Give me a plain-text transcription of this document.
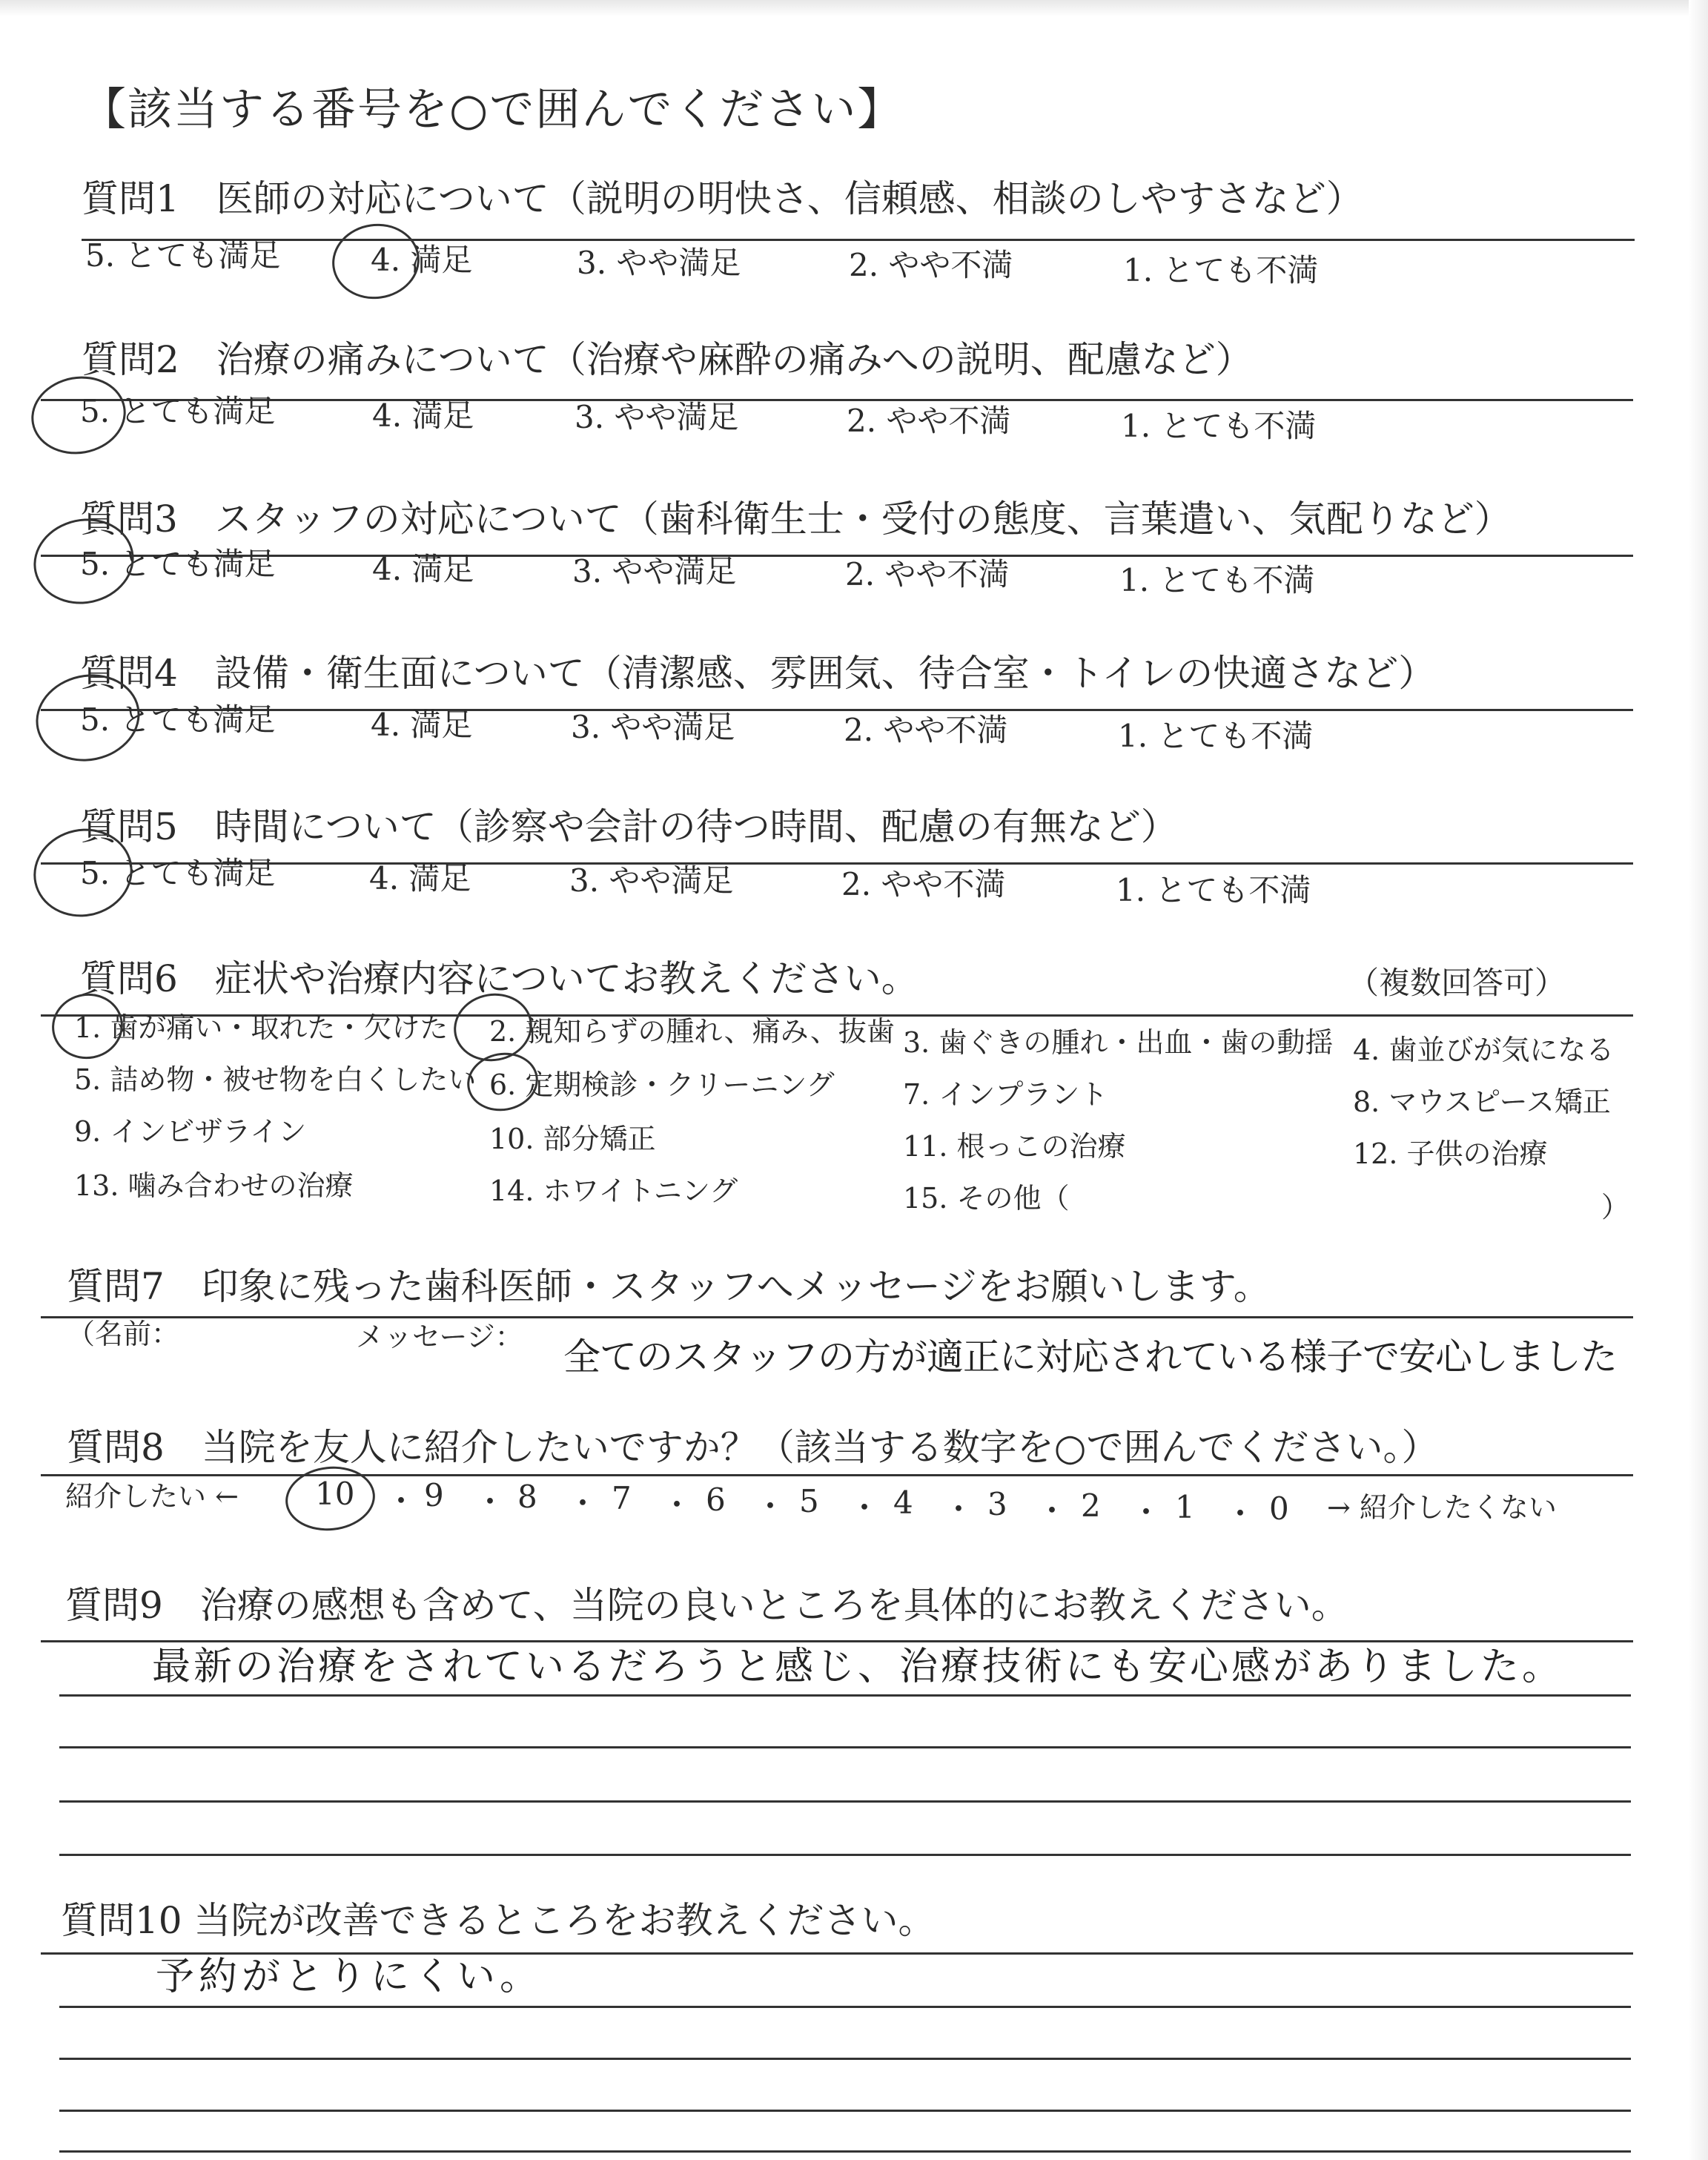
【該当する番号を○で囲んでください】
質問1　医師の対応について（説明の明快さ、信頼感、相談のしやすさなど）
5. とても満足	4. 満足	3. やや満足	2. やや不満	1. とても不満
質問2　治療の痛みについて（治療や麻酔の痛みへの説明、配慮など）
5. とても満足	4. 満足	3. やや満足	2. やや不満	1. とても不満
質問3　スタッフの対応について（歯科衛生士・受付の態度、言葉遣い、気配りなど）
5. とても満足	4. 満足	3. やや満足	2. やや不満	1. とても不満
質問4　設備・衛生面について（清潔感、雰囲気、待合室・トイレの快適さなど）
5. とても満足	4. 満足	3. やや満足	2. やや不満	1. とても不満
質問5　時間について（診察や会計の待つ時間、配慮の有無など）
5. とても満足	4. 満足	3. やや満足	2. やや不満	1. とても不満
質問6　症状や治療内容についてお教えください。	（複数回答可）
1. 歯が痛い・取れた・欠けた 2. 親知らずの腫れ、痛み、抜歯 3. 歯ぐきの腫れ・出血・歯の動揺 4. 歯並びが気になる
5. 詰め物・被せ物を白くしたい 6. 定期検診・クリーニング 7. インプラント	8. マウスピース矯正
9. インビザライン	10. 部分矯正	11. 根っこの治療	12. 子供の治療
13. 噛み合わせの治療	14. ホワイトニング	15. その他（	）
質問7　印象に残った歯科医師・スタッフへメッセージをお願いします。
（名前：	メッセージ： 全てのスタッフの方が適正に対応されている様子で安心しました
質問8　当院を友人に紹介したいですか？（該当する数字を○で囲んでください。）
紹介したい ←	→ 紹介したくない
10 ・ 9 ・ 8 ・ 7 ・ 6 ・ 5 ・ 4 ・ 3 ・ 2 ・ 1 ・ 0
質問9　治療の感想も含めて、当院の良いところを具体的にお教えください。
最新の治療をされているだろうと感じ、治療技術にも安心感がありました。
質問10 当院が改善できるところをお教えください。
予約がとりにくい。
